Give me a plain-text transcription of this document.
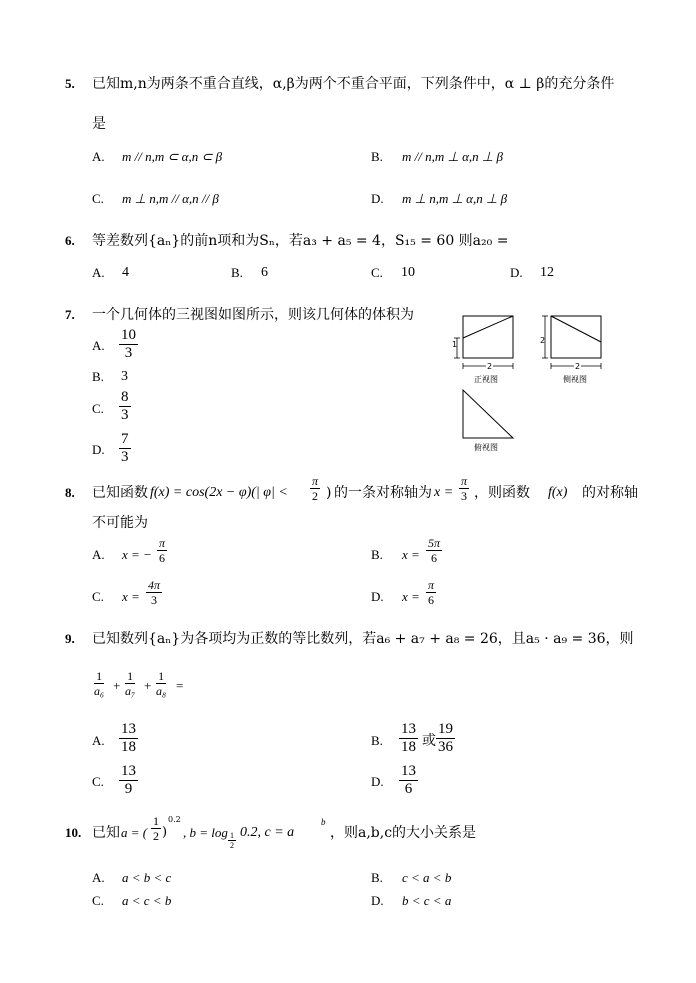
5. 已知m,n为两条不重合直线，α,β为两个不重合平面，下列条件中，α ⊥ β的充分条件
是
A. m // n,m ⊂ α,n ⊂ β	B. m // n,m ⊥ α,n ⊥ β
C. m ⊥ n,m // α,n // β	D. m ⊥ n,m ⊥ α,n ⊥ β
6. 等差数列{aₙ}的前n项和为Sₙ，若a₃ + a₅ = 4，S₁₅ = 60 则a₂₀ =
A. 4	B. 6	C. 10	D. 12
7. 一个几何体的三视图如图所示，则该几何体的体积为
A. $\frac{10}{3}$
B. 3
C. $\frac{8}{3}$
D. $\frac{7}{3}$
1	2
2	2
正视图	侧视图
俯视图
8. 已知函数 f(x) = cos(2x − φ)(| $\varphi| < \frac{\pi}{2}$ ) 的一条对称轴为 $x = \frac{\pi}{3}$ ，则函数 f(x) 的对称轴
不可能为
A. x = − $\frac{\pi}{6}$	B. $x = \frac{5\pi}{6}$
C. $x = \frac{4\pi}{3}$	D. $x = \frac{\pi}{6}$
9. 已知数列{aₙ}为各项均为正数的等比数列，若a₆ + a₇ + a₈ = 26，且a₅ · a₉ = 36，则
$\frac{1}{\text{a₆}} + \frac{1}{\text{a₇}} + \frac{1}{\text{a₈}}$ =
A. $\frac{13}{18}$	B. $\frac{13}{18}$ 或 $\frac{19}{36}$
C. $\frac{13}{9}$	D. $\frac{13}{6}$
10. 已知 a = ( $\frac{1}{2}$ )
0.2
, $b = \log \frac{1}{2} 0.2$, c = a
b
，则a,b,c的大小关系是
A. a < b < c	B. c < a < b
C. a < c < b	D. b < c < a
